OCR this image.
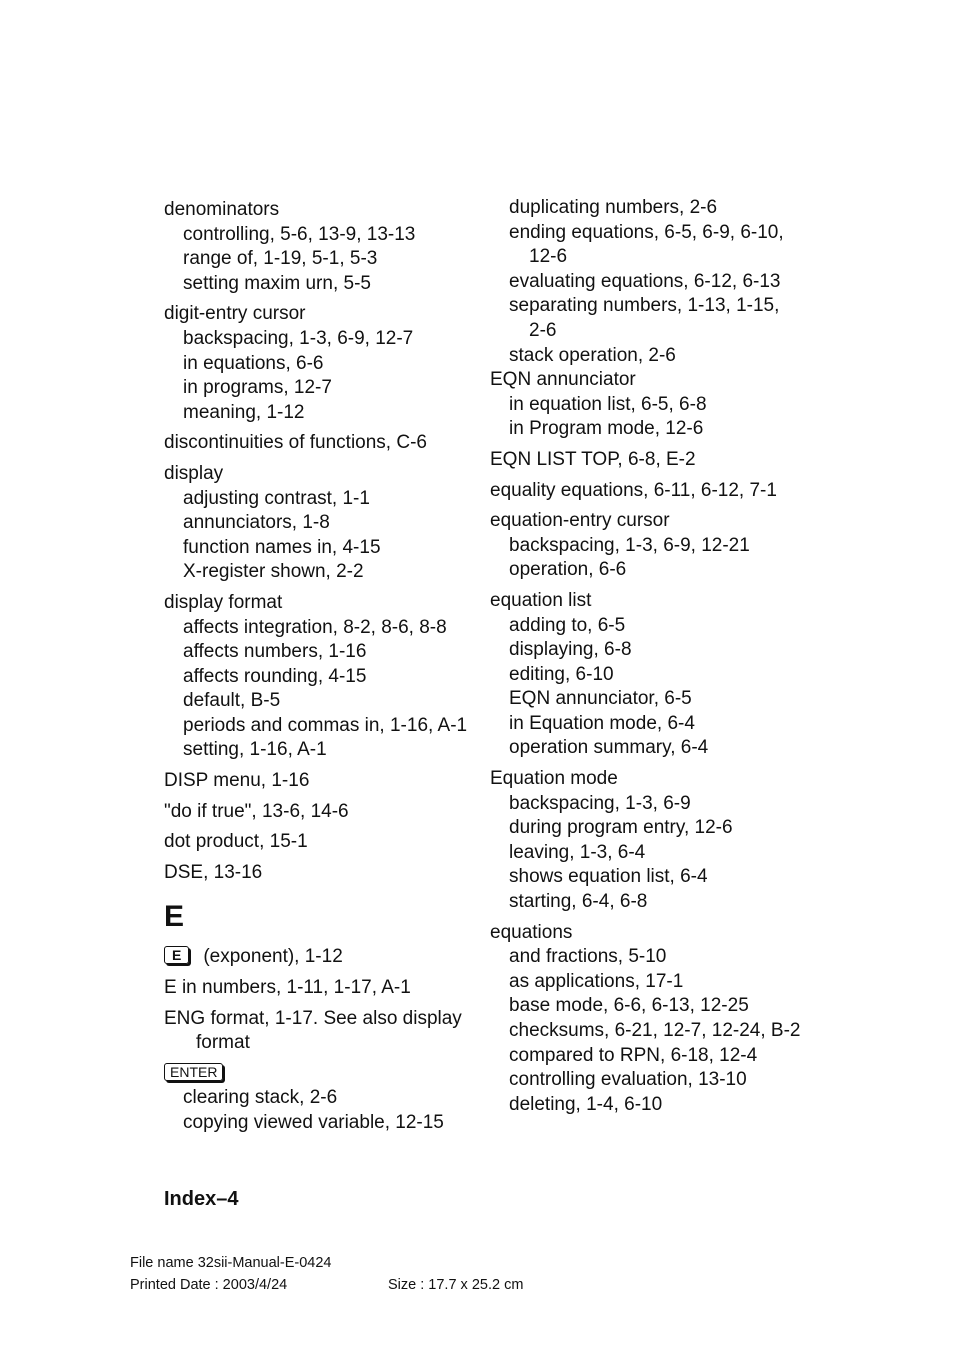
denominators
controlling, 5-6, 13-9, 13-13
range of, 1-19, 5-1, 5-3
setting maxim urn, 5-5
digit-entry cursor
backspacing, 1-3, 6-9, 12-7
in equations, 6-6
in programs, 12-7
meaning, 1-12
discontinuities of functions, C-6
display
adjusting contrast, 1-1
annunciators, 1-8
function names in, 4-15
X-register shown, 2-2
display format
affects integration, 8-2, 8-6, 8-8
affects numbers, 1-16
affects rounding, 4-15
default, B-5
periods and commas in, 1-16, A-1
setting, 1-16, A-1
DISP menu, 1-16
"do if true", 13-6, 14-6
dot product, 15-1
DSE, 13-16
E
E (exponent), 1-12
E in numbers, 1-11, 1-17, A-1
ENG format, 1-17. See also display
format
ENTER
clearing stack, 2-6
copying viewed variable, 12-15
duplicating numbers, 2-6
ending equations, 6-5, 6-9, 6-10,
12-6
evaluating equations, 6-12, 6-13
separating numbers, 1-13, 1-15,
2-6
stack operation, 2-6
EQN annunciator
in equation list, 6-5, 6-8
in Program mode, 12-6
EQN LIST TOP, 6-8, E-2
equality equations, 6-11, 6-12, 7-1
equation-entry cursor
backspacing, 1-3, 6-9, 12-21
operation, 6-6
equation list
adding to, 6-5
displaying, 6-8
editing, 6-10
EQN annunciator, 6-5
in Equation mode, 6-4
operation summary, 6-4
Equation mode
backspacing, 1-3, 6-9
during program entry, 12-6
leaving, 1-3, 6-4
shows equation list, 6-4
starting, 6-4, 6-8
equations
and fractions, 5-10
as applications, 17-1
base mode, 6-6, 6-13, 12-25
checksums, 6-21, 12-7, 12-24, B-2
compared to RPN, 6-18, 12-4
controlling evaluation, 13-10
deleting, 1-4, 6-10
Index–4
File name 32sii-Manual-E-0424
Printed Date : 2003/4/24	Size : 17.7 x 25.2 cm
